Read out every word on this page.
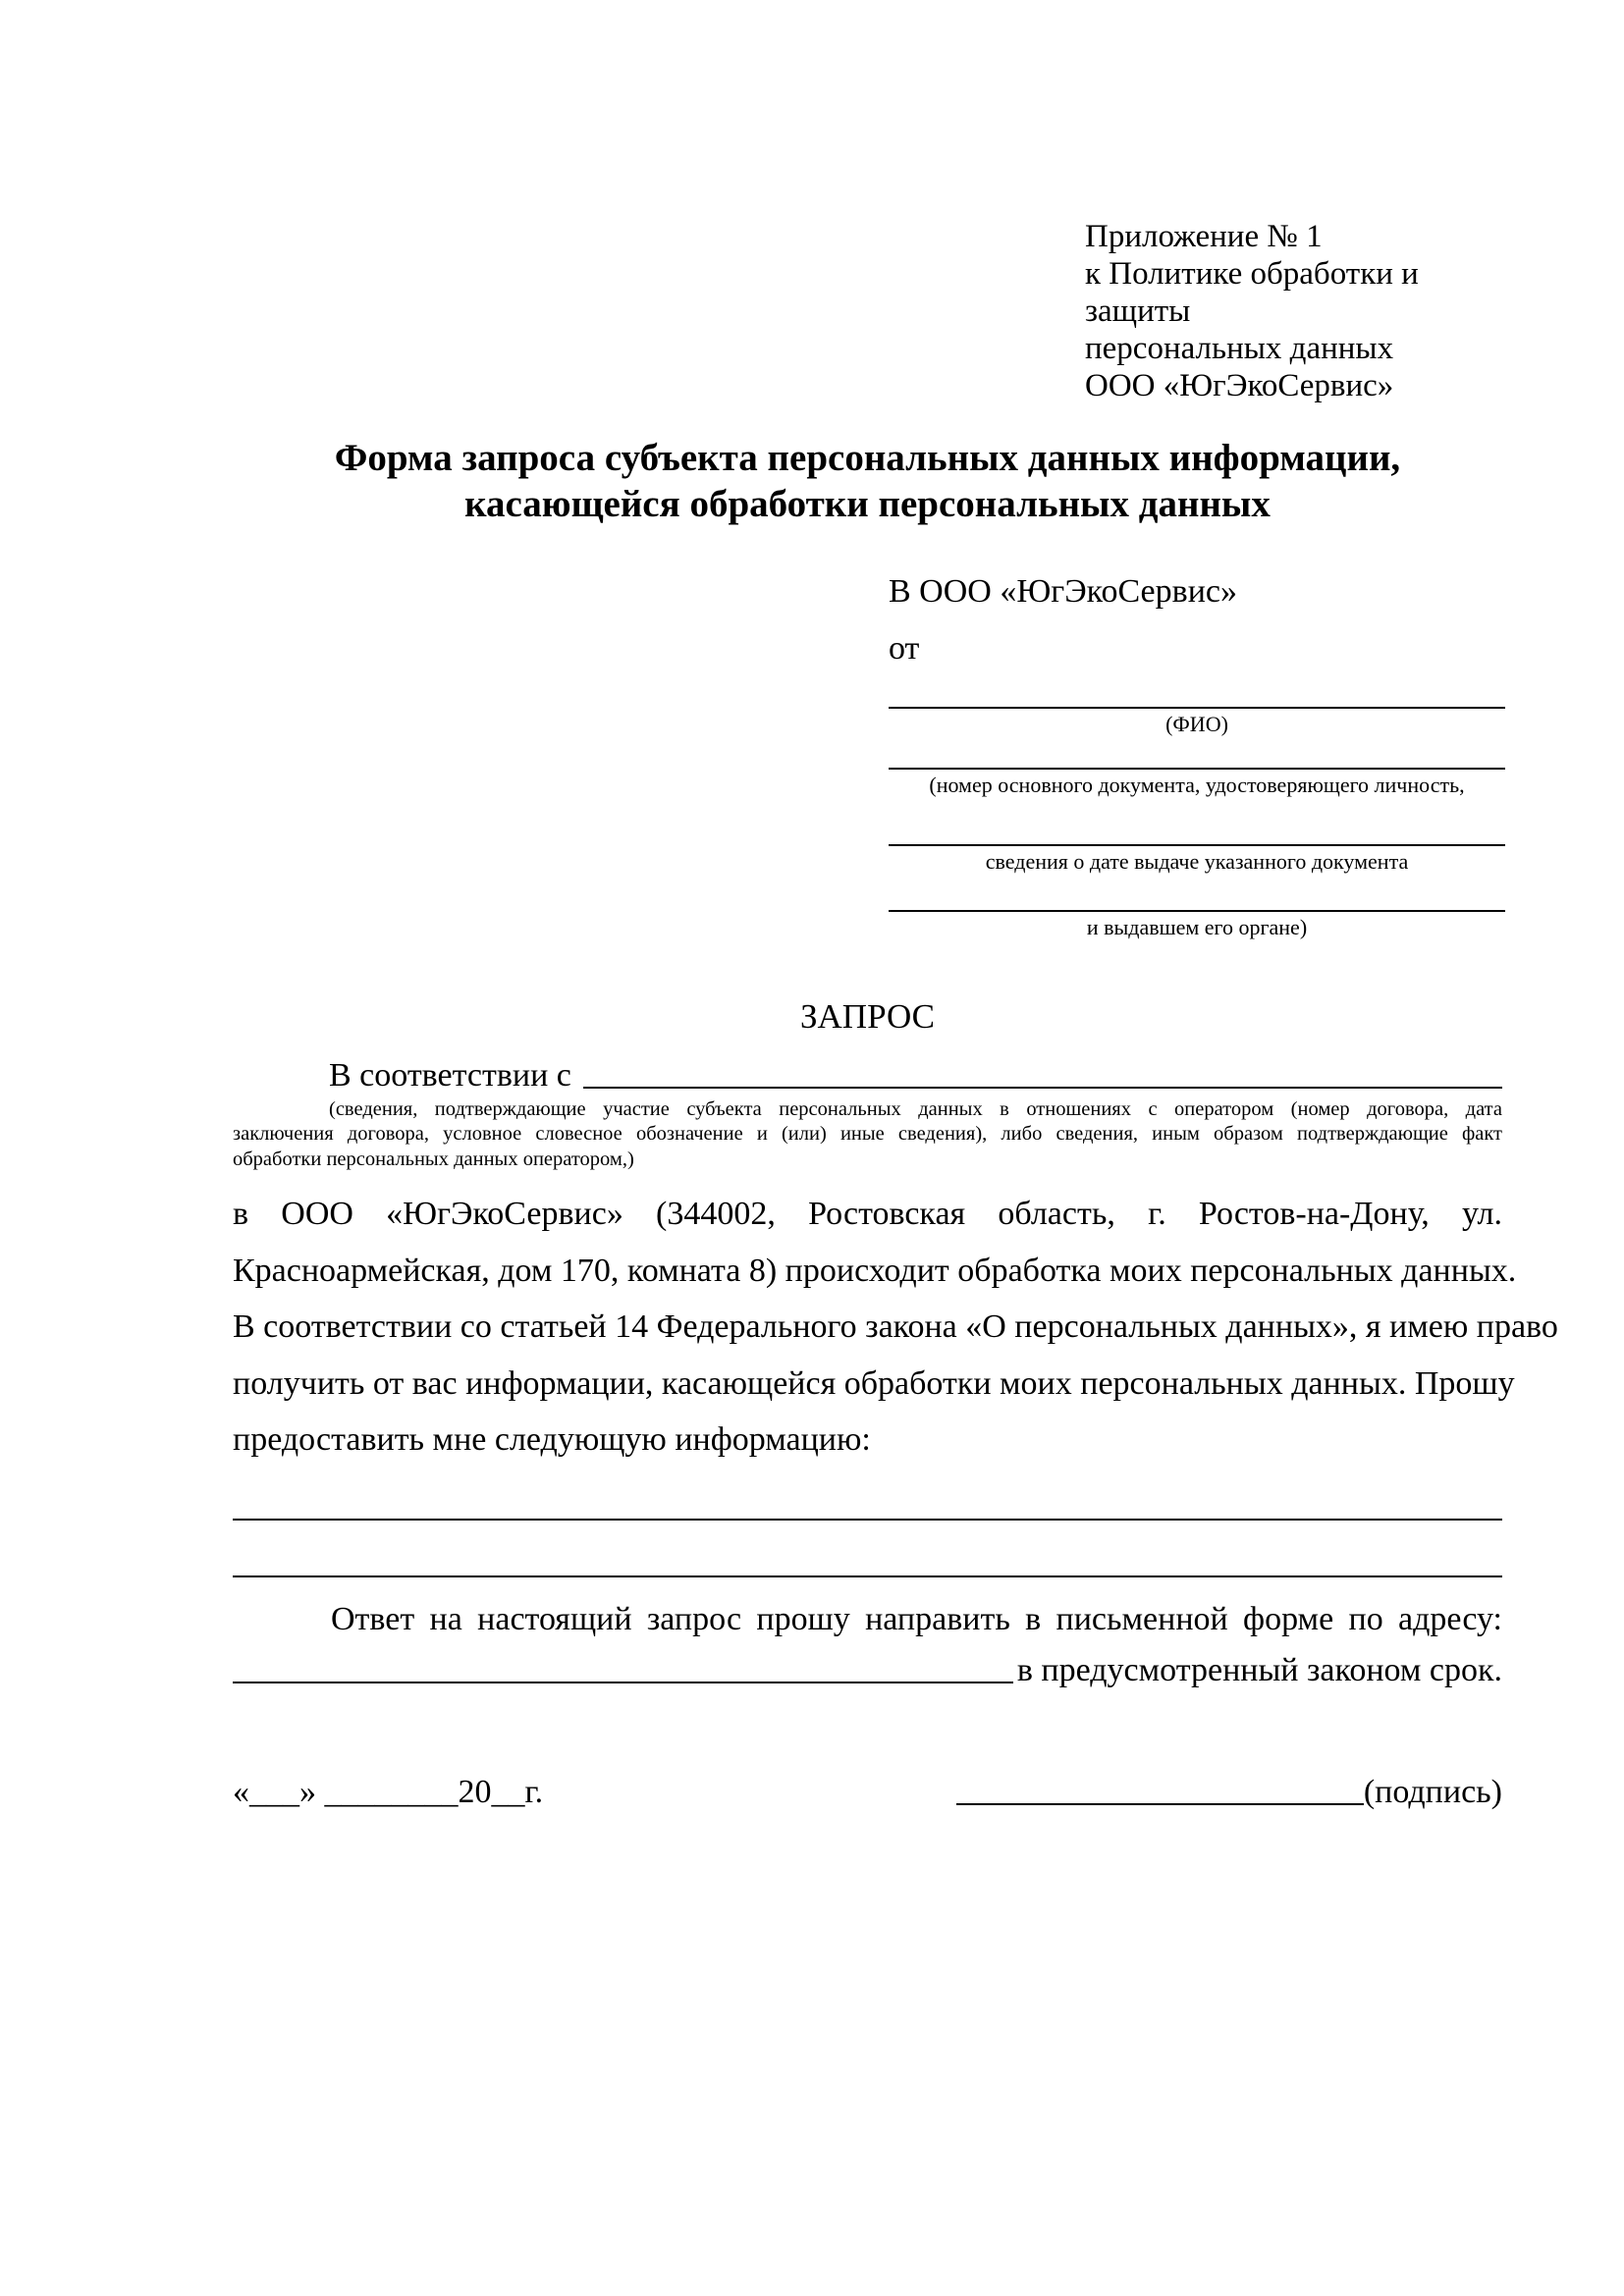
Приложение № 1
к Политике обработки и защиты
персональных данных
ООО «ЮгЭкоСервис»
Форма запроса субъекта персональных данных информации, касающейся обработки персональных данных
В ООО «ЮгЭкоСервис»
от
(ФИО)
(номер основного документа, удостоверяющего личность,
сведения о дате выдаче указанного документа
и выдавшем его органе)
ЗАПРОС
В соответствии с
(сведения, подтверждающие участие субъекта персональных данных в отношениях с оператором (номер договора, дата
заключения договора, условное словесное обозначение и (или) иные сведения), либо сведения, иным образом подтверждающие факт
обработки персональных данных оператором,)
в ООО «ЮгЭкоСервис» (344002, Ростовская область, г. Ростов-на-Дону, ул.
Красноармейская, дом 170, комната 8) происходит обработка моих персональных данных.
В соответствии со статьей 14 Федерального закона «О персональных данных», я имею право
получить от вас информации, касающейся обработки моих персональных данных. Прошу
предоставить мне следующую информацию:
Ответ на настоящий запрос прошу направить в письменной форме по адресу:
в предусмотренный законом срок.
«___» ________20__г.	(подпись)
